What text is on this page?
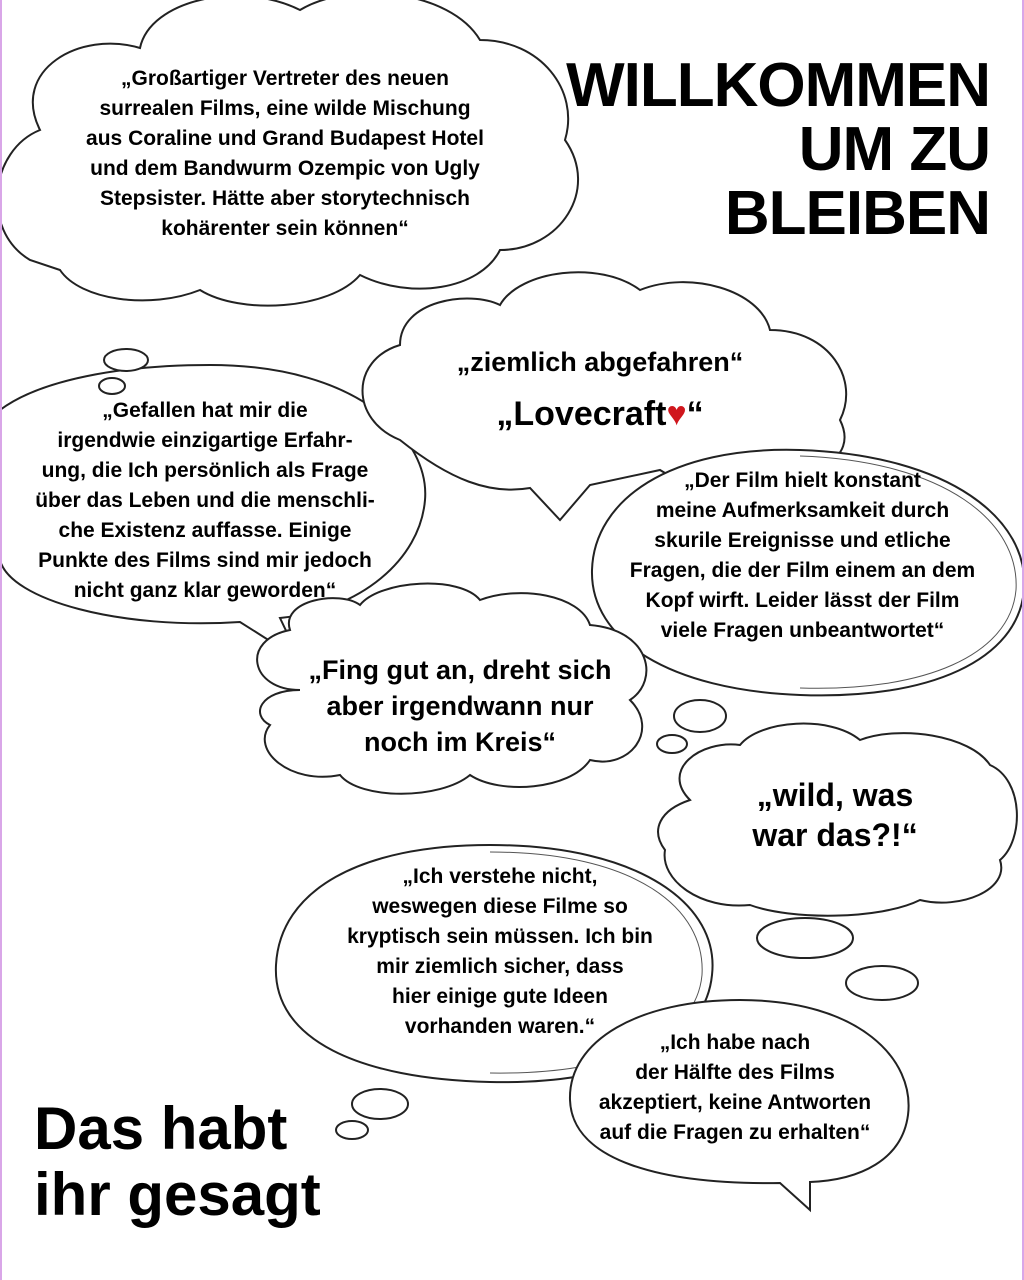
WILLKOMMEN
UM ZU
BLEIBEN
„Großartiger Vertreter des neuen
surrealen Films, eine wilde Mischung
aus Coraline und Grand Budapest Hotel
und dem Bandwurm Ozempic von Ugly
Stepsister. Hätte aber storytechnisch
kohärenter sein können“
„Gefallen hat mir die
irgendwie einzigartige Erfahr-
ung, die Ich persönlich als Frage
über das Leben und die menschli-
che Existenz auffasse. Einige
Punkte des Films sind mir jedoch
nicht ganz klar geworden“
„ziemlich abgefahren“
„Lovecraft♥“
„Der Film hielt konstant
meine Aufmerksamkeit durch
skurile Ereignisse und etliche
Fragen, die der Film einem an dem
Kopf wirft. Leider lässt der Film
viele Fragen unbeantwortet“
„Fing gut an, dreht sich
aber irgendwann nur
noch im Kreis“
„wild, was
war das?!“
„Ich verstehe nicht,
weswegen diese Filme so
kryptisch sein müssen. Ich bin
mir ziemlich sicher, dass
hier einige gute Ideen
vorhanden waren.“
„Ich habe nach
der Hälfte des Films
akzeptiert, keine Antworten
auf die Fragen zu erhalten“
Das habt
ihr gesagt
